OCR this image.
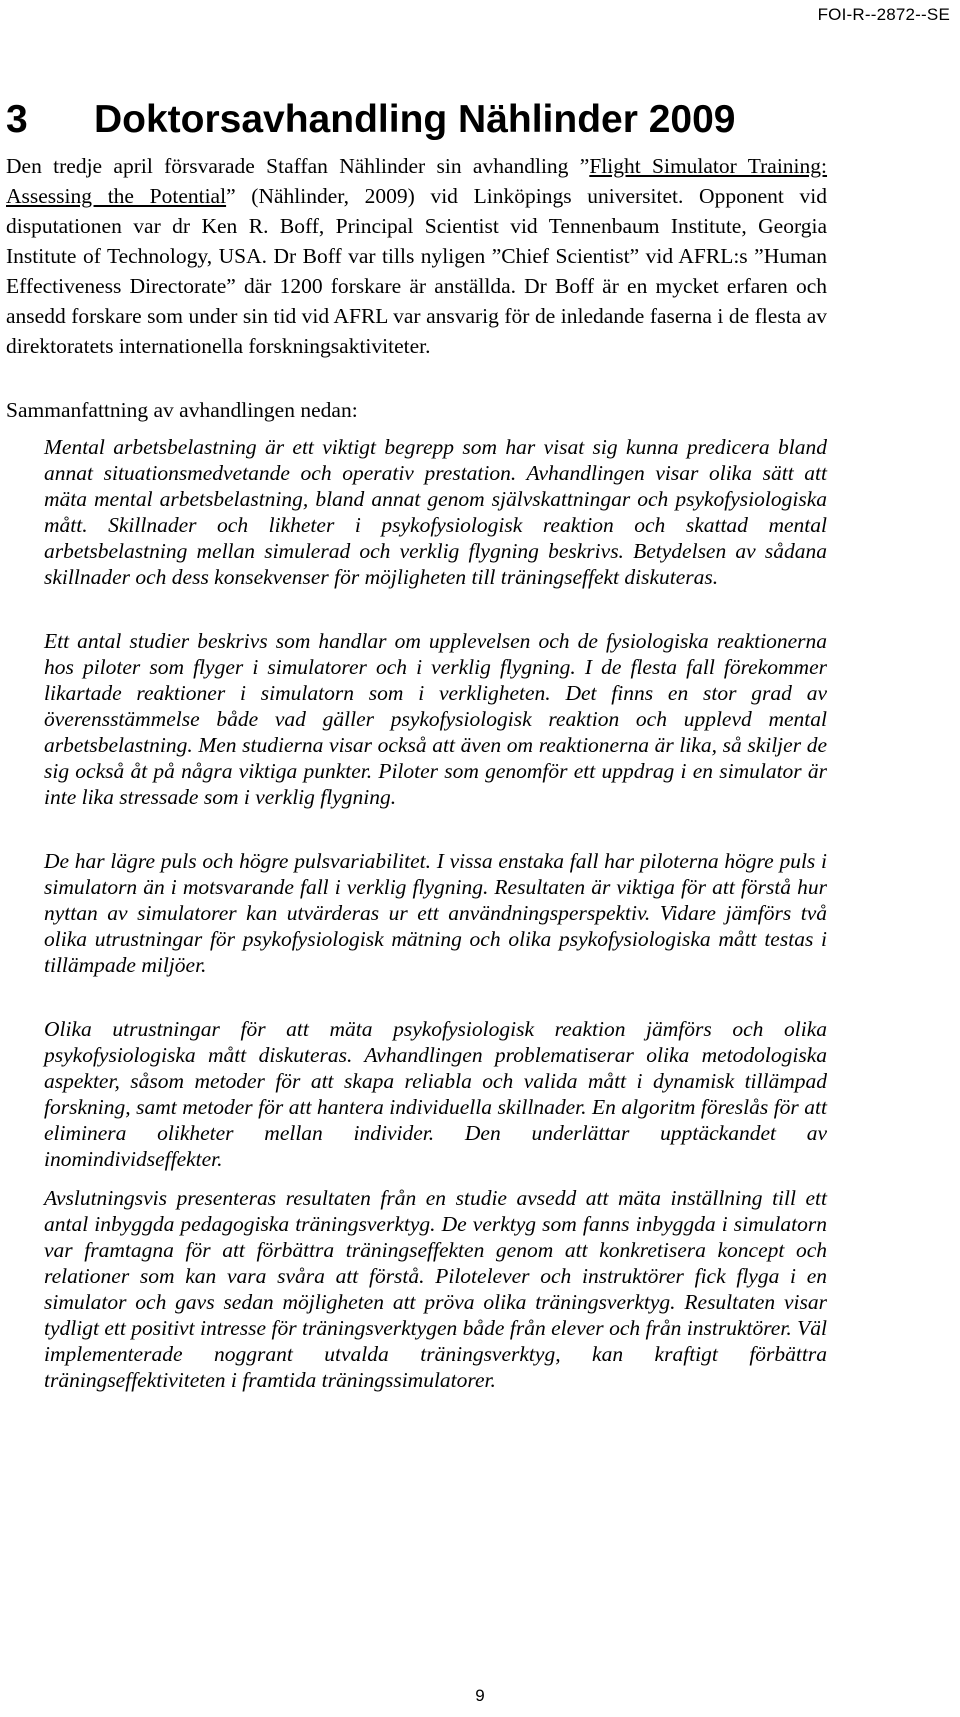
FOI-R--2872--SE
3 Doktorsavhandling Nählinder 2009

Den tredje april försvarade Staffan Nählinder sin avhandling ”Flight Simulator Training: Assessing the Potential” (Nählinder, 2009) vid Linköpings universitet. Opponent vid disputationen var dr Ken R. Boff, Principal Scientist vid Tennenbaum Institute, Georgia Institute of Technology, USA. Dr Boff var tills nyligen ”Chief Scientist” vid AFRL:s ”Human Effectiveness Directorate” där 1200 forskare är anställda. Dr Boff är en mycket erfaren och ansedd forskare som under sin tid vid AFRL var ansvarig för de inledande faserna i de flesta av direktoratets internationella forskningsaktiviteter.

Sammanfattning av avhandlingen nedan:

Mental arbetsbelastning är ett viktigt begrepp som har visat sig kunna predicera bland annat situationsmedvetande och operativ prestation. Avhandlingen visar olika sätt att mäta mental arbetsbelastning, bland annat genom självskattningar och psykofysiologiska mått. Skillnader och likheter i psykofysiologisk reaktion och skattad mental arbetsbelastning mellan simulerad och verklig flygning beskrivs. Betydelsen av sådana skillnader och dess konsekvenser för möjligheten till träningseffekt diskuteras.

Ett antal studier beskrivs som handlar om upplevelsen och de fysiologiska reaktionerna hos piloter som flyger i simulatorer och i verklig flygning. I de flesta fall förekommer likartade reaktioner i simulatorn som i verkligheten. Det finns en stor grad av överensstämmelse både vad gäller psykofysiologisk reaktion och upplevd mental arbetsbelastning. Men studierna visar också att även om reaktionerna är lika, så skiljer de sig också åt på några viktiga punkter. Piloter som genomför ett uppdrag i en simulator är inte lika stressade som i verklig flygning.

De har lägre puls och högre pulsvariabilitet. I vissa enstaka fall har piloterna högre puls i simulatorn än i motsvarande fall i verklig flygning. Resultaten är viktiga för att förstå hur nyttan av simulatorer kan utvärderas ur ett användningsperspektiv. Vidare jämförs två olika utrustningar för psykofysiologisk mätning och olika psykofysiologiska mått testas i tillämpade miljöer.

Olika utrustningar för att mäta psykofysiologisk reaktion jämförs och olika psykofysiologiska mått diskuteras. Avhandlingen problematiserar olika metodologiska aspekter, såsom metoder för att skapa reliabla och valida mått i dynamisk tillämpad forskning, samt metoder för att hantera individuella skillnader. En algoritm föreslås för att eliminera olikheter mellan individer. Den underlättar upptäckandet av inomindividseffekter.

Avslutningsvis presenteras resultaten från en studie avsedd att mäta inställning till ett antal inbyggda pedagogiska träningsverktyg. De verktyg som fanns inbyggda i simulatorn var framtagna för att förbättra träningseffekten genom att konkretisera koncept och relationer som kan vara svåra att förstå. Pilotelever och instruktörer fick flyga i en simulator och gavs sedan möjligheten att pröva olika träningsverktyg. Resultaten visar tydligt ett positivt intresse för träningsverktygen både från elever och från instruktörer. Väl implementerade noggrant utvalda träningsverktyg, kan kraftigt förbättra träningseffektiviteten i framtida träningssimulatorer.

9
